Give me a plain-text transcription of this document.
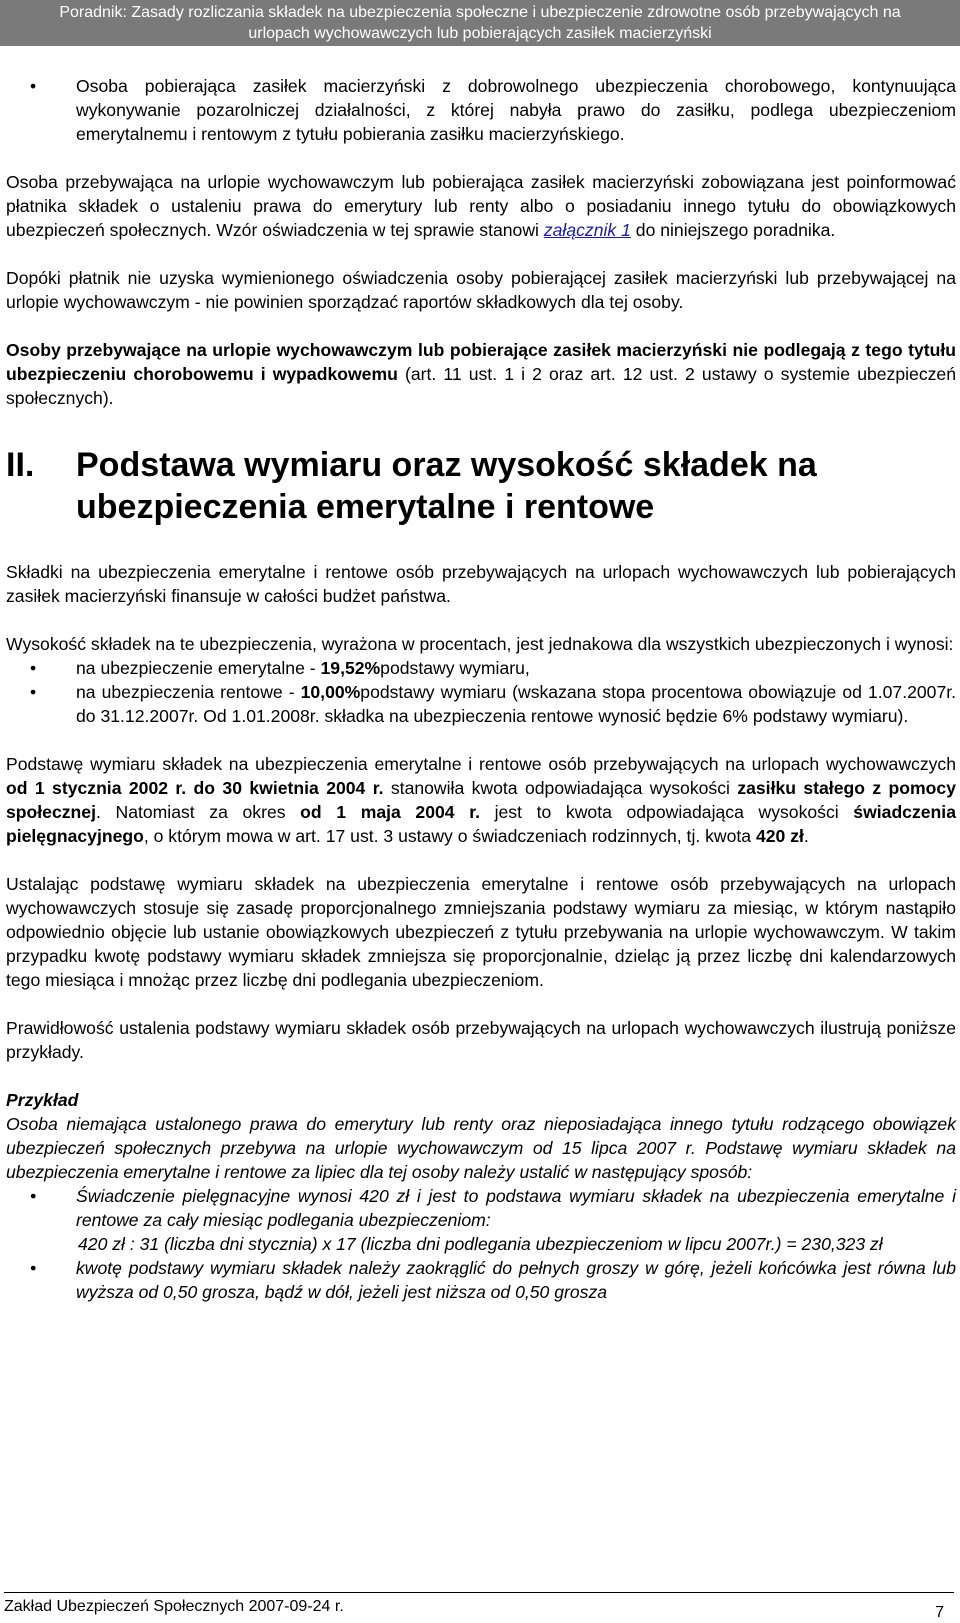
Poradnik: Zasady rozliczania składek na ubezpieczenia społeczne i ubezpieczenie zdrowotne osób przebywających na
urlopach wychowawczych lub pobierających zasiłek macierzyński
• Osoba pobierająca zasiłek macierzyński z dobrowolnego ubezpieczenia chorobowego, kontynuująca wykonywanie pozarolniczej działalności, z której nabyła prawo do zasiłku, podlega ubezpieczeniom emerytalnemu i rentowym z tytułu pobierania zasiłku macierzyńskiego.

Osoba przebywająca na urlopie wychowawczym lub pobierająca zasiłek macierzyński zobowiązana jest poinformować płatnika składek o ustaleniu prawa do emerytury lub renty albo o posiadaniu innego tytułu do obowiązkowych ubezpieczeń społecznych. Wzór oświadczenia w tej sprawie stanowi załącznik 1 do niniejszego poradnika.

Dopóki płatnik nie uzyska wymienionego oświadczenia osoby pobierającej zasiłek macierzyński lub przebywającej na urlopie wychowawczym - nie powinien sporządzać raportów składkowych dla tej osoby.

Osoby przebywające na urlopie wychowawczym lub pobierające zasiłek macierzyński nie podlegają z tego tytułu ubezpieczeniu chorobowemu i wypadkowemu (art. 11 ust. 1 i 2 oraz art. 12 ust. 2 ustawy o systemie ubezpieczeń społecznych).

II.	Podstawa wymiaru oraz wysokość składek na ubezpieczenia emerytalne i rentowe

Składki na ubezpieczenia emerytalne i rentowe osób przebywających na urlopach wychowawczych lub pobierających zasiłek macierzyński finansuje w całości budżet państwa.

Wysokość składek na te ubezpieczenia, wyrażona w procentach, jest jednakowa dla wszystkich ubezpieczonych i wynosi:

• na ubezpieczenie emerytalne - 19,52%podstawy wymiaru,
• na ubezpieczenia rentowe - 10,00%podstawy wymiaru (wskazana stopa procentowa obowiązuje od 1.07.2007r. do 31.12.2007r. Od 1.01.2008r. składka na ubezpieczenia rentowe wynosić będzie 6% podstawy wymiaru).

Podstawę wymiaru składek na ubezpieczenia emerytalne i rentowe osób przebywających na urlopach wychowawczych od 1 stycznia 2002 r. do 30 kwietnia 2004 r. stanowiła kwota odpowiadająca wysokości zasiłku stałego z pomocy społecznej. Natomiast za okres od 1 maja 2004 r. jest to kwota odpowiadająca wysokości świadczenia pielęgnacyjnego, o którym mowa w art. 17 ust. 3 ustawy o świadczeniach rodzinnych, tj. kwota 420 zł.

Ustalając podstawę wymiaru składek na ubezpieczenia emerytalne i rentowe osób przebywających na urlopach wychowawczych stosuje się zasadę proporcjonalnego zmniejszania podstawy wymiaru za miesiąc, w którym nastąpiło odpowiednio objęcie lub ustanie obowiązkowych ubezpieczeń z tytułu przebywania na urlopie wychowawczym. W takim przypadku kwotę podstawy wymiaru składek zmniejsza się proporcjonalnie, dzieląc ją przez liczbę dni kalendarzowych tego miesiąca i mnożąc przez liczbę dni podlegania ubezpieczeniom.

Prawidłowość ustalenia podstawy wymiaru składek osób przebywających na urlopach wychowawczych ilustrują poniższe przykłady.

Przykład
Osoba niemająca ustalonego prawa do emerytury lub renty oraz nieposiadająca innego tytułu rodzącego obowiązek ubezpieczeń społecznych przebywa na urlopie wychowawczym od 15 lipca 2007 r. Podstawę wymiaru składek na ubezpieczenia emerytalne i rentowe za lipiec dla tej osoby należy ustalić w następujący sposób:
• Świadczenie pielęgnacyjne wynosi 420 zł i jest to podstawa wymiaru składek na ubezpieczenia emerytalne i rentowe za cały miesiąc podlegania ubezpieczeniom:
420 zł : 31 (liczba dni stycznia) x 17 (liczba dni podlegania ubezpieczeniom w lipcu 2007r.) = 230,323 zł
• kwotę podstawy wymiaru składek należy zaokrąglić do pełnych groszy w górę, jeżeli końcówka jest równa lub wyższa od 0,50 grosza, bądź w dół, jeżeli jest niższa od 0,50 grosza
Zakład Ubezpieczeń Społecznych 2007-09-24 r.	7
